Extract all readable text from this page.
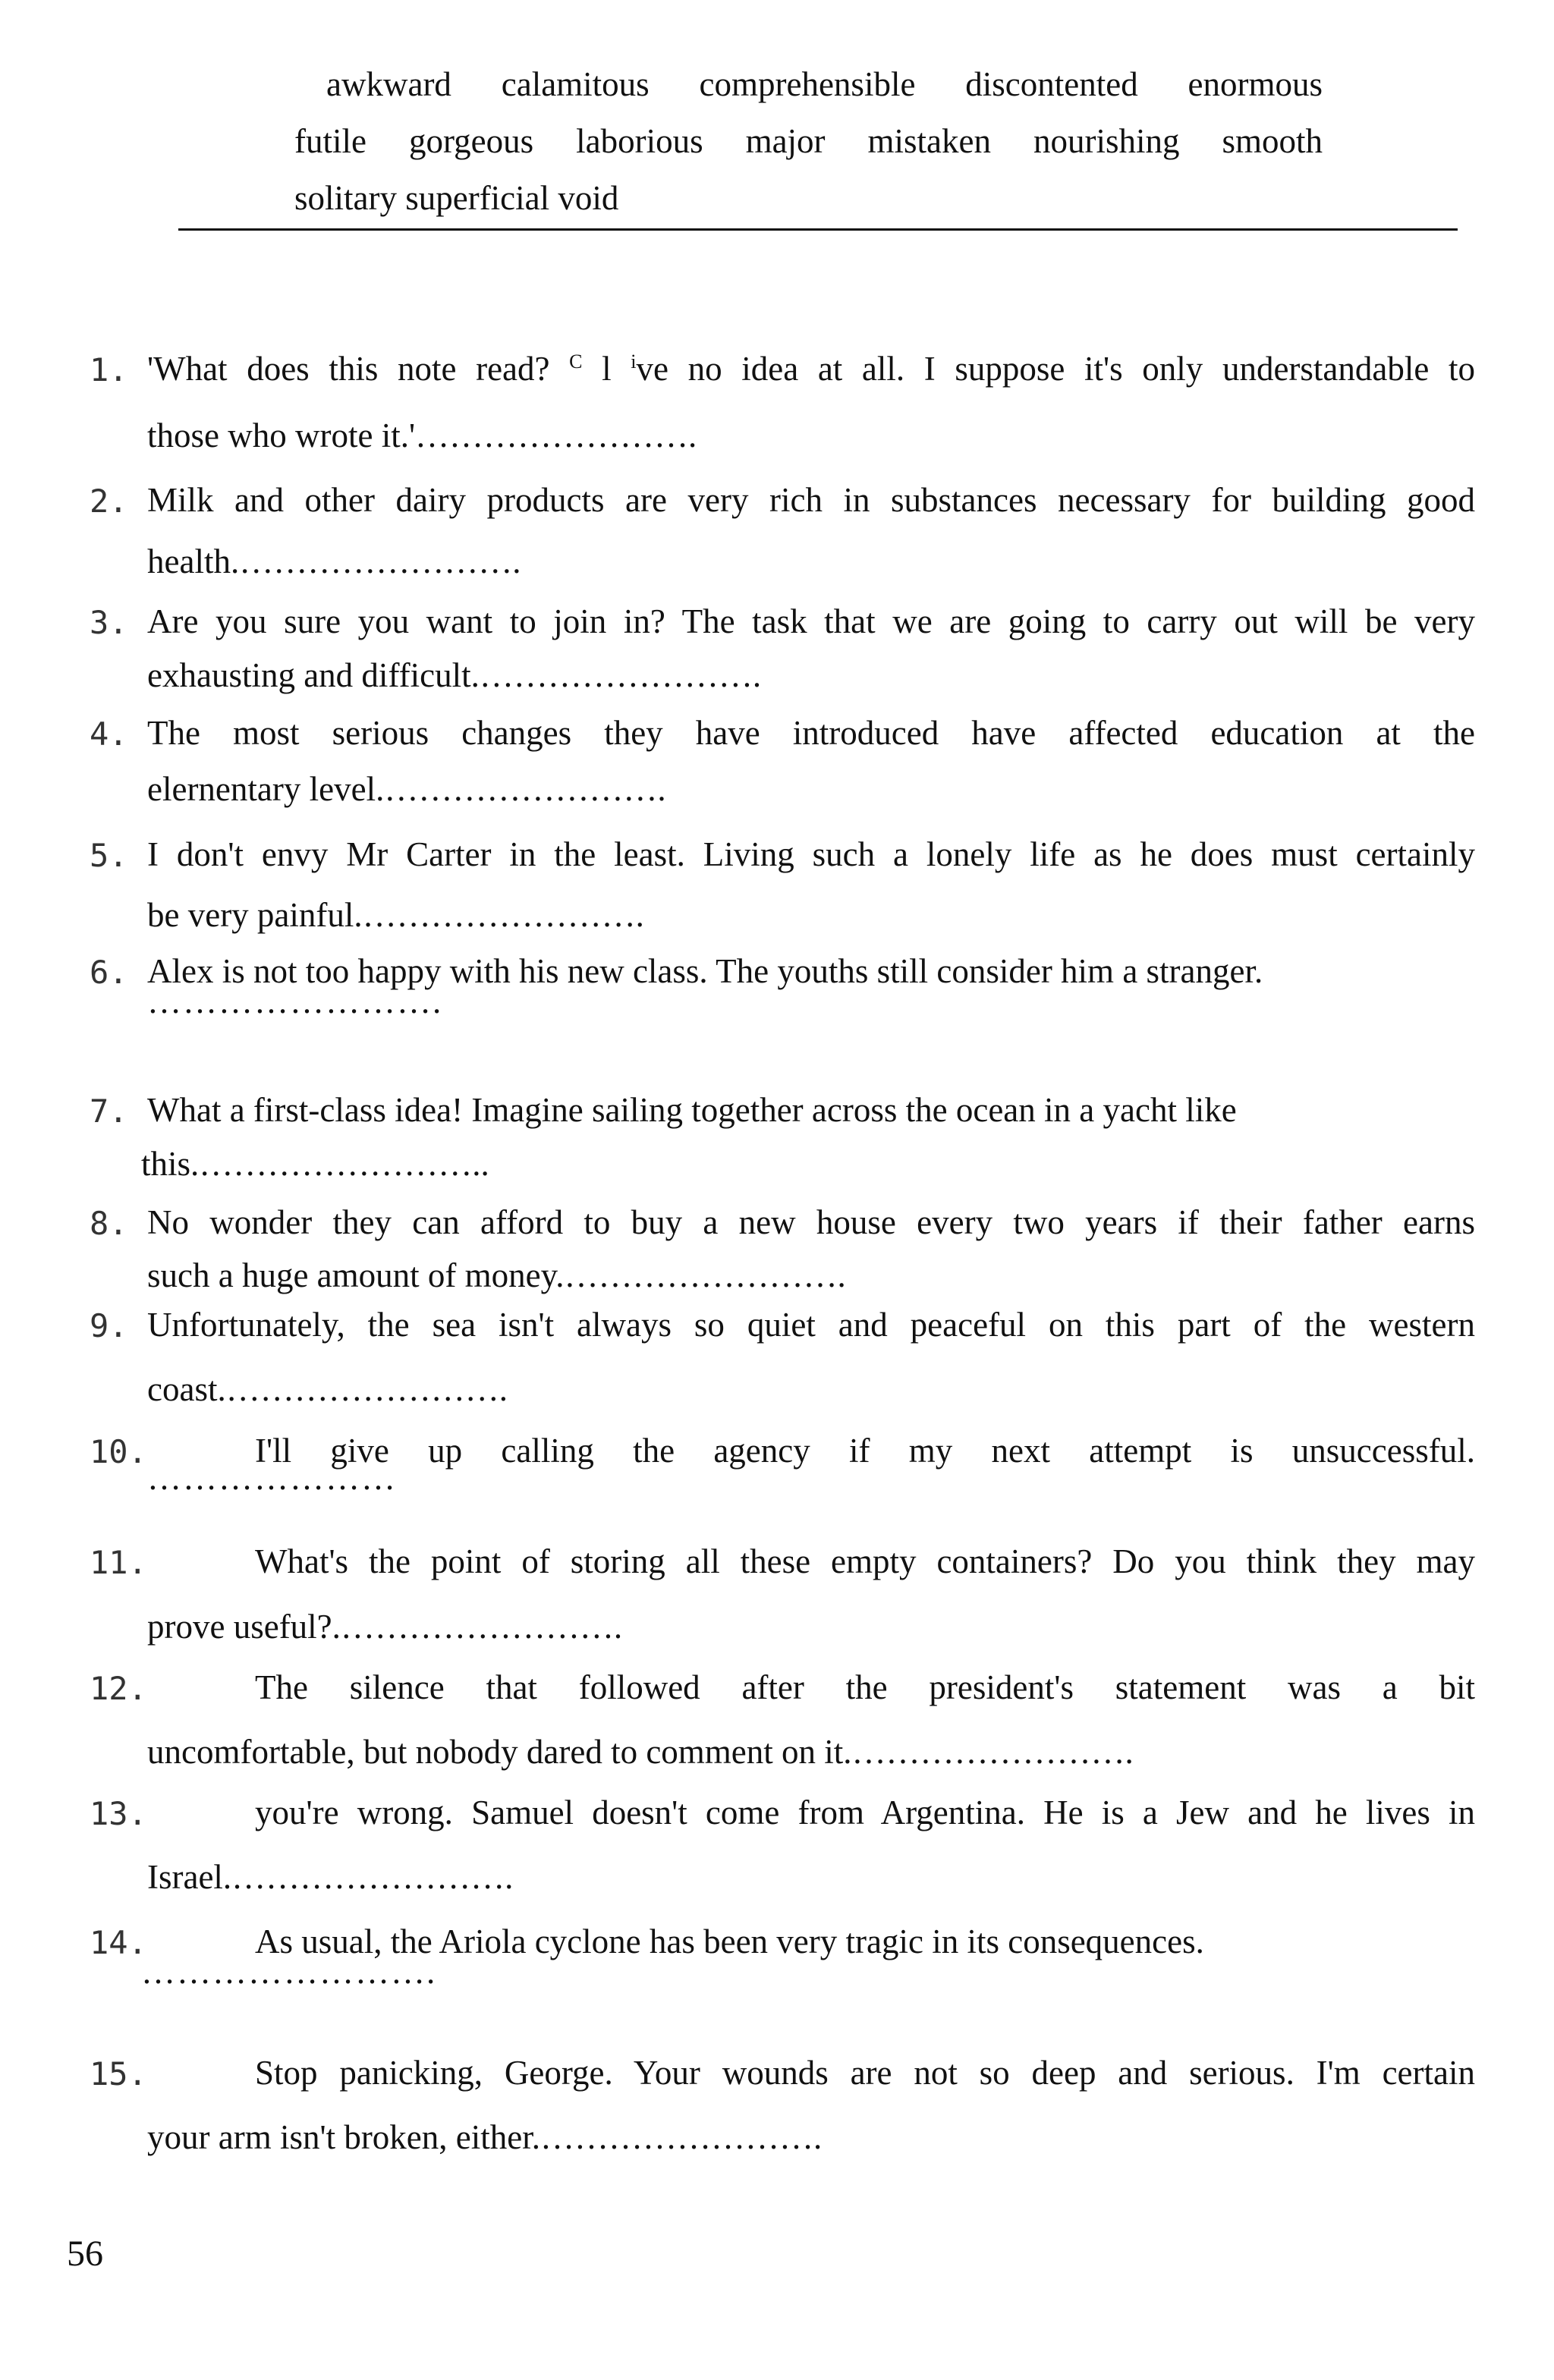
awkward calamitous comprehensible discontented enormous
futile gorgeous laborious major mistaken nourishing smooth
solitary superficial void
1. 'What does this note read? $^C$ l $^i$ve no idea at all. I suppose it's only understandable to
those who wrote it.'…………………….
2. Milk and other dairy products are very rich in substances necessary for building good
health.…………………….
3. Are you sure you want to join in? The task that we are going to carry out will be very
exhausting and difficult.…………………….
4. The most serious changes they have introduced have affected education at the
elernentary level.…………………….
5. I don't envy Mr Carter in the least. Living such a lonely life as he does must certainly
be very painful.…………………….
6. Alex is not too happy with his new class. The youths still consider him a stranger.
…………………….
7. What a first-class idea! Imagine sailing together across the ocean in a yacht like
this.……………………..
8. No wonder they can afford to buy a new house every two years if their father earns
such a huge amount of money.…………………….
9. Unfortunately, the sea isn't always so quiet and peaceful on this part of the western
coast.…………………….
10.	I'll give up calling the agency if my next attempt is unsuccessful.
…………………
11.	What's the point of storing all these empty containers? Do you think they may
prove useful?.…………………….
12.	The silence that followed after the president's statement was a bit
uncomfortable, but nobody dared to comment on it.…………………….
13.	you're wrong. Samuel doesn't come from Argentina. He is a Jew and he lives in
Israel.…………………….
14.	As usual, the Ariola cyclone has been very tragic in its consequences.
…………………….
15.	Stop panicking, George. Your wounds are not so deep and serious. I'm certain
your arm isn't broken, either.…………………….
56
